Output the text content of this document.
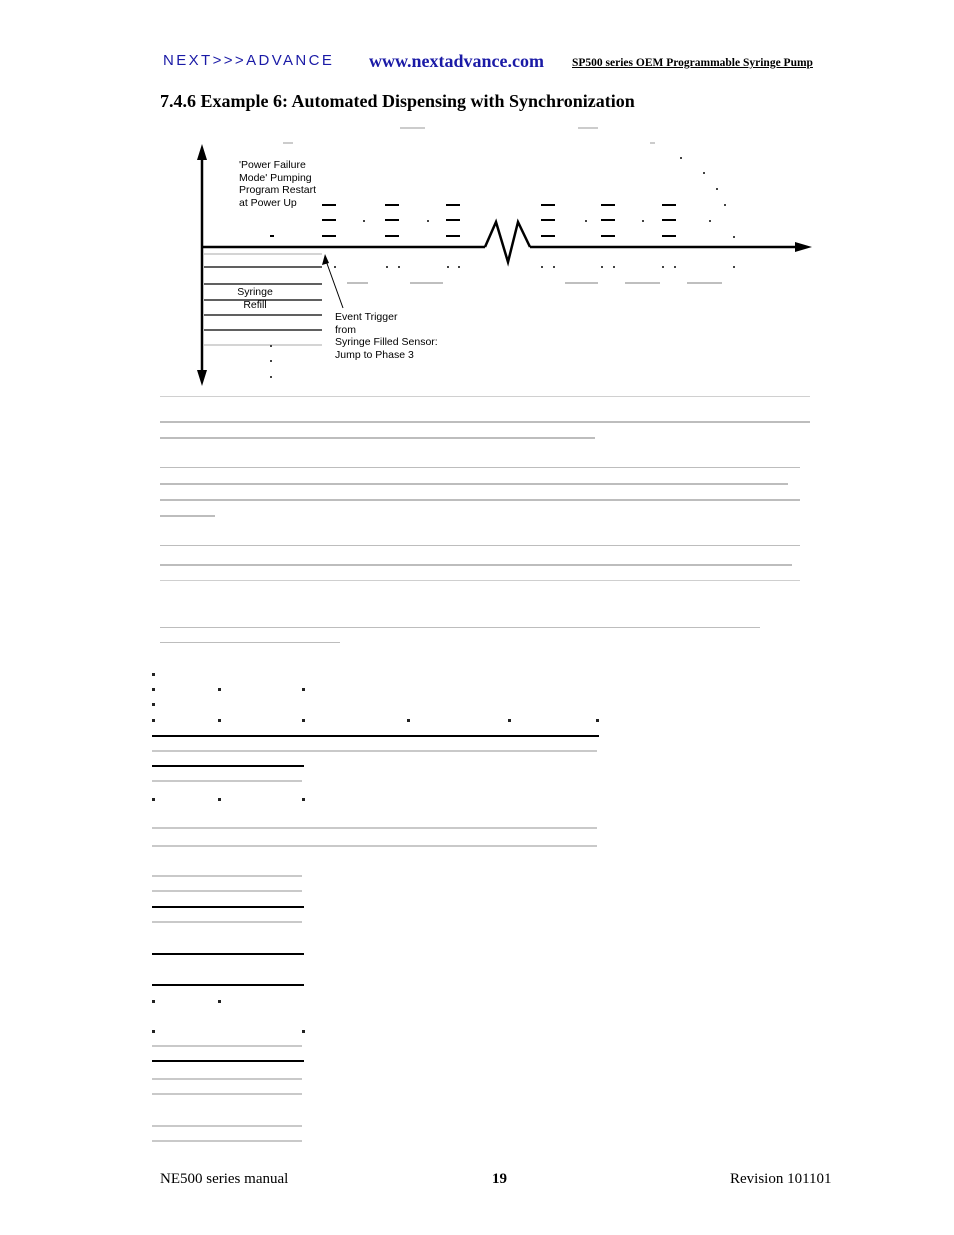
NEXT>>>ADVANCE www.nextadvance.com SP500 series OEM Programmable Syringe Pump
7.4.6 Example 6: Automated Dispensing with Synchronization
'Power Failure
Mode' Pumping
Program Restart
at Power Up
Syringe
Refill
Event Trigger
from
Syringe Filled Sensor:
Jump to Phase 3
NE500 series manual	19	Revision 101101
